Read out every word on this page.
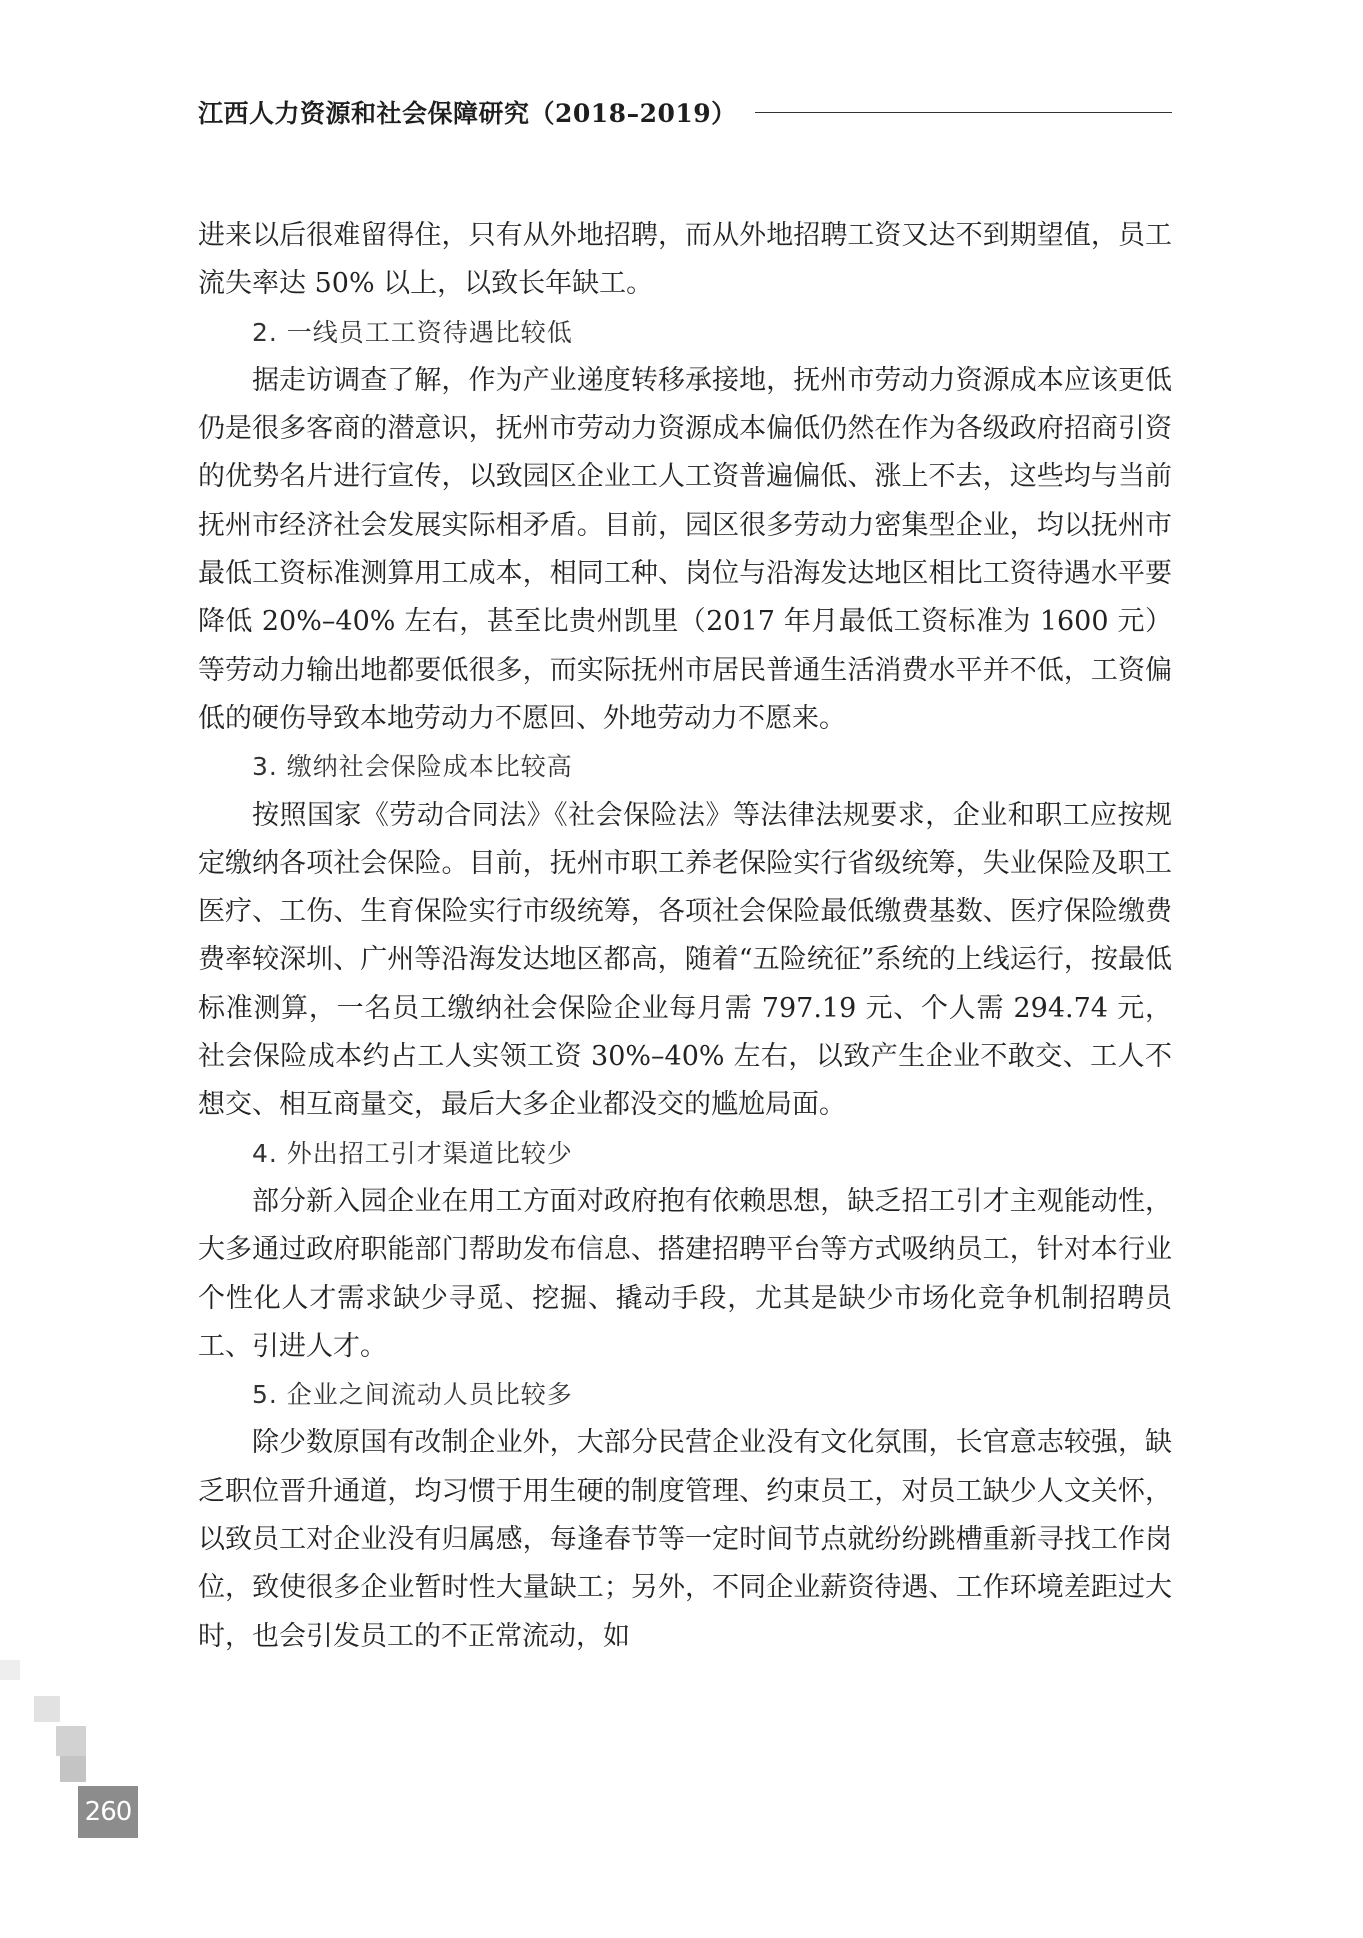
江西人力资源和社会保障研究（2018–2019）

进来以后很难留得住，只有从外地招聘，而从外地招聘工资又达不到期望值，员工流失率达 50% 以上，以致长年缺工。

2. 一线员工工资待遇比较低

据走访调查了解，作为产业递度转移承接地，抚州市劳动力资源成本应该更低仍是很多客商的潜意识，抚州市劳动力资源成本偏低仍然在作为各级政府招商引资的优势名片进行宣传，以致园区企业工人工资普遍偏低、涨上不去，这些均与当前抚州市经济社会发展实际相矛盾。目前，园区很多劳动力密集型企业，均以抚州市最低工资标准测算用工成本，相同工种、岗位与沿海发达地区相比工资待遇水平要降低 20%–40% 左右，甚至比贵州凯里（2017 年月最低工资标准为 1600 元）等劳动力输出地都要低很多，而实际抚州市居民普通生活消费水平并不低，工资偏低的硬伤导致本地劳动力不愿回、外地劳动力不愿来。

3. 缴纳社会保险成本比较高

按照国家《劳动合同法》《社会保险法》等法律法规要求，企业和职工应按规定缴纳各项社会保险。目前，抚州市职工养老保险实行省级统筹，失业保险及职工医疗、工伤、生育保险实行市级统筹，各项社会保险最低缴费基数、医疗保险缴费费率较深圳、广州等沿海发达地区都高，随着“五险统征”系统的上线运行，按最低标准测算，一名员工缴纳社会保险企业每月需 797.19 元、个人需 294.74 元，社会保险成本约占工人实领工资 30%–40% 左右，以致产生企业不敢交、工人不想交、相互商量交，最后大多企业都没交的尴尬局面。

4. 外出招工引才渠道比较少

部分新入园企业在用工方面对政府抱有依赖思想，缺乏招工引才主观能动性，大多通过政府职能部门帮助发布信息、搭建招聘平台等方式吸纳员工，针对本行业个性化人才需求缺少寻觅、挖掘、撬动手段，尤其是缺少市场化竞争机制招聘员工、引进人才。

5. 企业之间流动人员比较多

除少数原国有改制企业外，大部分民营企业没有文化氛围，长官意志较强，缺乏职位晋升通道，均习惯于用生硬的制度管理、约束员工，对员工缺少人文关怀，以致员工对企业没有归属感，每逢春节等一定时间节点就纷纷跳槽重新寻找工作岗位，致使很多企业暂时性大量缺工；另外，不同企业薪资待遇、工作环境差距过大时，也会引发员工的不正常流动，如

260
